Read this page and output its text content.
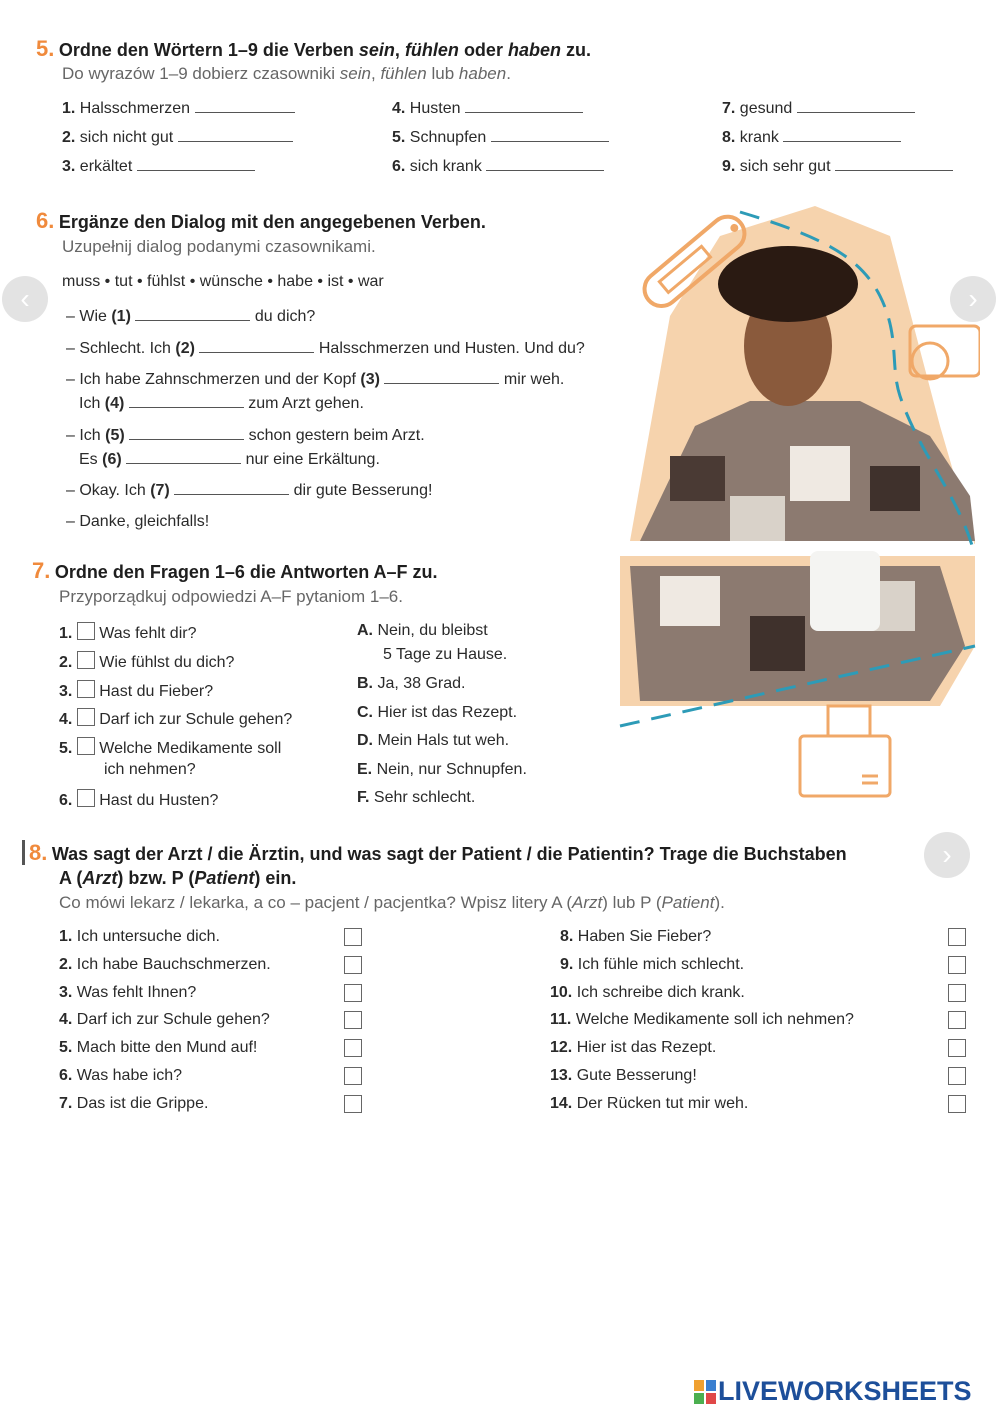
5. Ordne den Wörtern 1–9 die Verben sein, fühlen oder haben zu.
Do wyrazów 1–9 dobierz czasowniki sein, fühlen lub haben.
1. Halsschmerzen
2. sich nicht gut
3. erkältet
4. Husten
5. Schnupfen
6. sich krank
7. gesund
8. krank
9. sich sehr gut
‹	›
›
6. Ergänze den Dialog mit den angegebenen Verben.
Uzupełnij dialog podanymi czasownikami.
muss • tut • fühlst • wünsche • habe • ist • war
– Wie (1)	du dich?
– Schlecht. Ich (2)	Halsschmerzen und Husten. Und du?
– Ich habe Zahnschmerzen und der Kopf (3)	mir weh.
Ich (4)	zum Arzt gehen.
– Ich (5)	schon gestern beim Arzt.
Es (6)	nur eine Erkältung.
– Okay. Ich (7)	dir gute Besserung!
– Danke, gleichfalls!
7. Ordne den Fragen 1–6 die Antworten A–F zu.
Przyporządkuj odpowiedzi A–F pytaniom 1–6.
1. Was fehlt dir?
2. Wie fühlst du dich?
3. Hast du Fieber?
4. Darf ich zur Schule gehen?
5. Welche Medikamente soll
ich nehmen?
6. Hast du Husten?
A. Nein, du bleibst
5 Tage zu Hause.
B. Ja, 38 Grad.
C. Hier ist das Rezept.
D. Mein Hals tut weh.
E. Nein, nur Schnupfen.
F. Sehr schlecht.
8. Was sagt der Arzt / die Ärztin, und was sagt der Patient / die Patientin? Trage die Buchstaben
A (Arzt) bzw. P (Patient) ein.
Co mówi lekarz / lekarka, a co – pacjent / pacjentka? Wpisz litery A (Arzt) lub P (Patient).
1. Ich untersuche dich.
2. Ich habe Bauchschmerzen.
3. Was fehlt Ihnen?
4. Darf ich zur Schule gehen?
5. Mach bitte den Mund auf!
6. Was habe ich?
7. Das ist die Grippe.
8. Haben Sie Fieber?
9. Ich fühle mich schlecht.
10. Ich schreibe dich krank.
11. Welche Medikamente soll ich nehmen?
12. Hier ist das Rezept.
13. Gute Besserung!
14. Der Rücken tut mir weh.
LIVEWORKSHEETS
